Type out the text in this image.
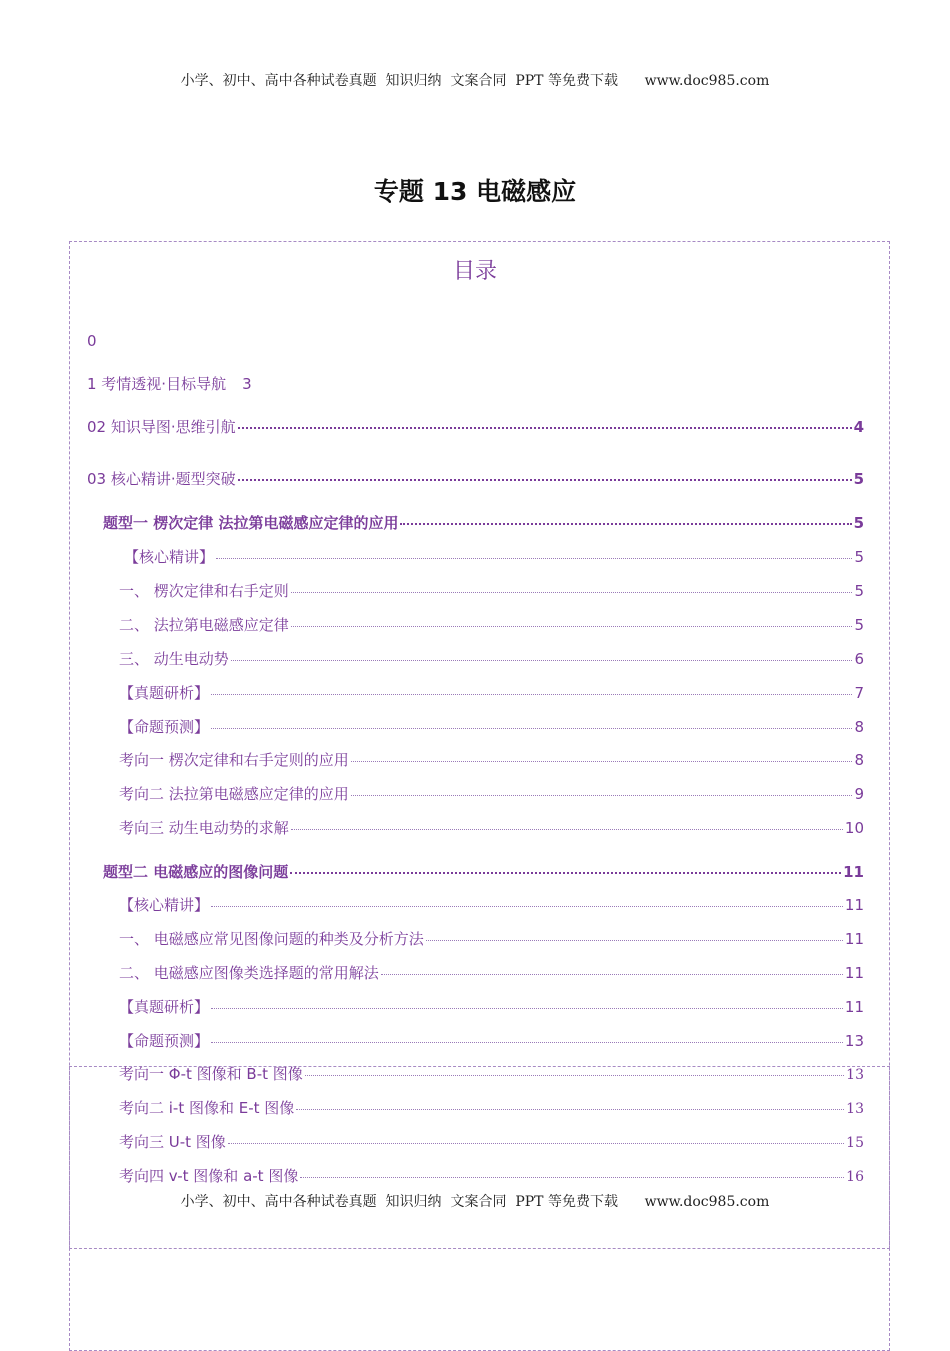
小学、初中、高中各种试卷真题  知识归纳  文案合同  PPT 等免费下载      www.doc985.com
专题 13 电磁感应
目录
0
1 考情透视·目标导航 3
02 知识导图·思维引航	4
03 核心精讲·题型突破	5
题型一 楞次定律 法拉第电磁感应定律的应用	5
【核心精讲】	5
一、 楞次定律和右手定则	5
二、 法拉第电磁感应定律	5
三、 动生电动势	6
【真题研析】	7
【命题预测】	8
考向一 楞次定律和右手定则的应用	8
考向二 法拉第电磁感应定律的应用	9
考向三 动生电动势的求解	10
题型二 电磁感应的图像问题	11
【核心精讲】	11
一、 电磁感应常见图像问题的种类及分析方法	11
二、 电磁感应图像类选择题的常用解法	11
【真题研析】	11
【命题预测】	13
考向一 Φ-t 图像和 B-t 图像	13
考向二 i-t 图像和 E-t 图像	13
考向三 U-t 图像	15
考向四 v-t 图像和 a-t 图像	16
小学、初中、高中各种试卷真题  知识归纳  文案合同  PPT 等免费下载      www.doc985.com
